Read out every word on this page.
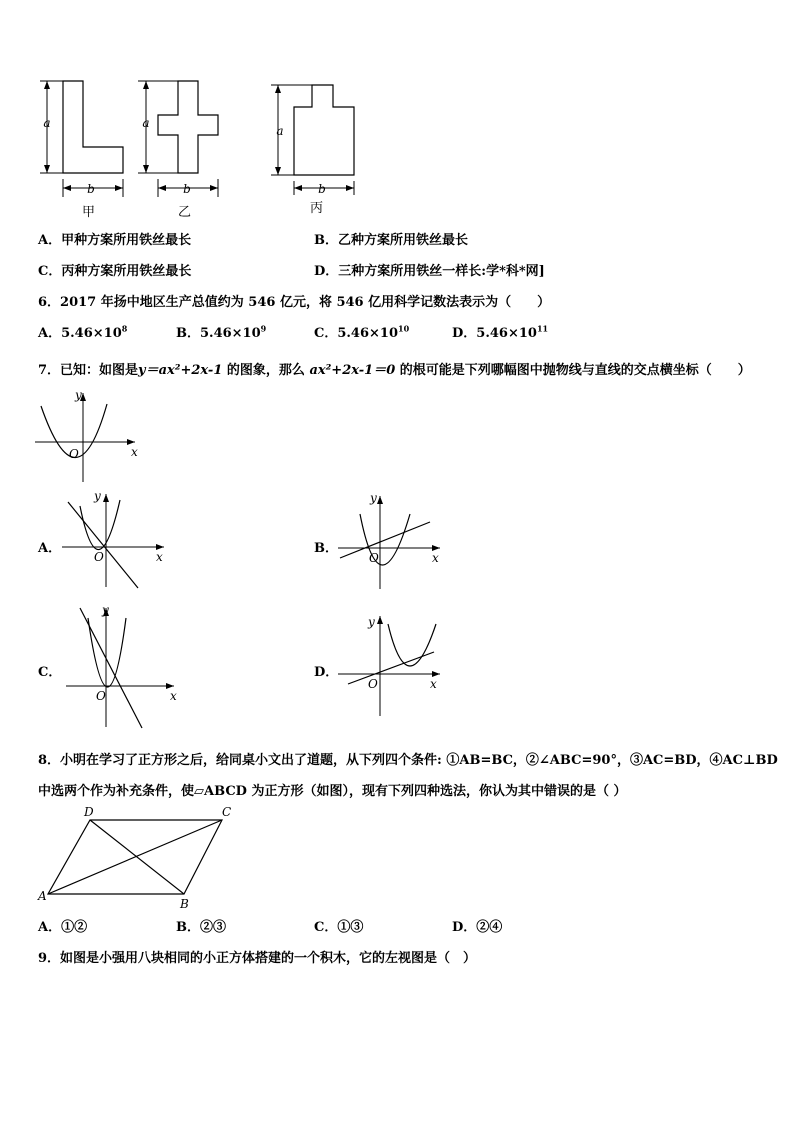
a
b
甲
a
b
乙
a
b
丙
A．甲种方案所用铁丝最长	B．乙种方案所用铁丝最长
C．丙种方案所用铁丝最长	D．三种方案所用铁丝一样长:学*科*网]
6．2017 年扬中地区生产总值约为 546 亿元，将 546 亿用科学记数法表示为（　　）
A．$5.46\times 10^8$	B．$5.46\times 10^9$	C．$5.46\times 10^{10}$	D．$5.46\times 10^{11}$
7．已知：如图是y＝ax²+2x-1 的图象，那么 ax²+2x-1＝0 的根可能是下列哪幅图中抛物线与直线的交点横坐标（　　）
y
x
O
A．
y
x
O
B．
y
x
O
C．
y
x
O
D．
y
x
O
8．小明在学习了正方形之后，给同桌小文出了道题，从下列四个条件: ①AB=BC，②∠ABC=90°，③AC=BD，④AC⊥BD
中选两个作为补充条件，使▱ABCD 为正方形（如图），现有下列四种选法，你认为其中错误的是（ ）
A
B
C
D
A．①②	B．②③	C．①③	D．②④
9．如图是小强用八块相同的小正方体搭建的一个积木，它的左视图是（　）
